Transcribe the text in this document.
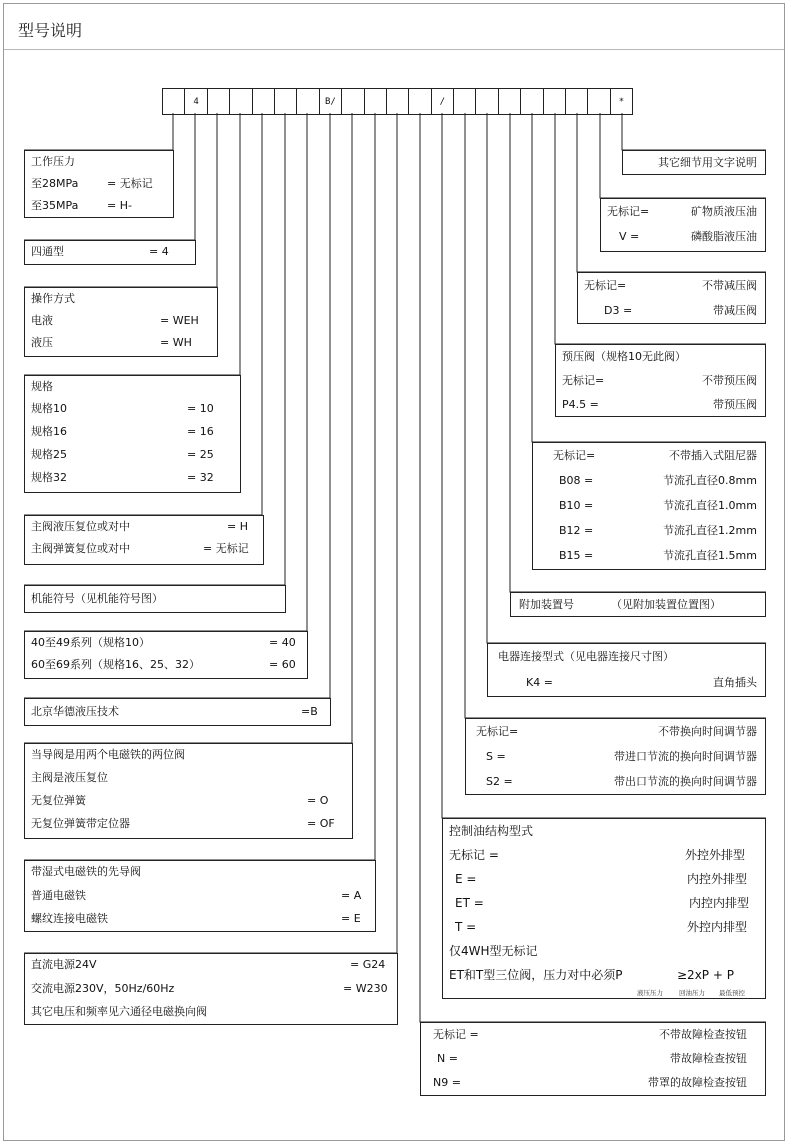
型号说明
4	B/	/	*
工作压力
至28MPa	= 无标记
至35MPa	= H-
四通型	= 4
操作方式
电液	= WEH
液压	= WH
规格
规格10	= 10
规格16	= 16
规格25	= 25
规格32	= 32
主阀液压复位或对中	= H
主阀弹簧复位或对中	= 无标记
机能符号（见机能符号图）
40至49系列（规格10）	= 40
60至69系列（规格16、25、32）	= 60
北京华德液压技术	=B
当导阀是用两个电磁铁的两位阀
主阀是液压复位
无复位弹簧	= O
无复位弹簧带定位器	= OF
带湿式电磁铁的先导阀
普通电磁铁	= A
螺纹连接电磁铁	= E
直流电源24V	= G24
交流电源230V，50Hz/60Hz	= W230
其它电压和频率见六通径电磁换向阀
其它细节用文字说明
无标记=	矿物质液压油
V =	磷酸脂液压油
无标记=	不带减压阀
D3 =	带减压阀
预压阀（规格10无此阀）
无标记=	不带预压阀
P4.5 =	带预压阀
无标记=	不带插入式阻尼器
B08 =	节流孔直径0.8mm
B10 =	节流孔直径1.0mm
B12 =	节流孔直径1.2mm
B15 =	节流孔直径1.5mm
附加装置号	（见附加装置位置图）
电器连接型式（见电器连接尺寸图）
K4 =	直角插头
无标记=	不带换向时间调节器
S =	带进口节流的换向时间调节器
S2 =	带出口节流的换向时间调节器
控制油结构型式
无标记 =	外控外排型
E =	内控外排型
ET =	内控内排型
T =	外控内排型
仅4WH型无标记
ET和T型三位阀，压力对中必须P	≥2xP + P
液压压力 回油压力 最低预控
无标记 =	不带故障检查按钮
N =	带故障检查按钮
N9 =	带罩的故障检查按钮
